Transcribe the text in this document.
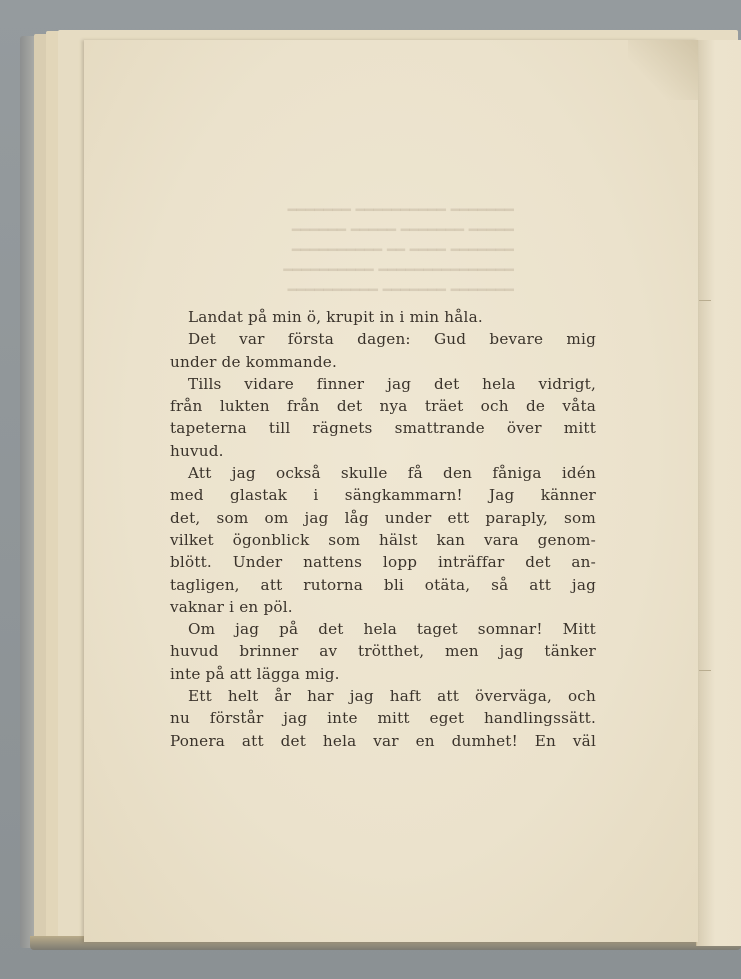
━━━━━━━ ━━━━━━━━━━ ━━━━━━━
━━━━━ ━━━━━━━ ━━━━━ ━━━━━━
━━━━━━━ ━━━━ ━━ ━━━━━━━━━━
━━━━━━━━━━━━━━━ ━━━━━━━━━━
━━━━━━━ ━━━━━━━ ━━━━━━━━━━
Landat på min ö, krupit in i min håla.
Det var första dagen: Gud bevare mig
under de kommande.
Tills vidare finner jag det hela vidrigt,
från lukten från det nya träet och de våta
tapeterna till rägnets smattrande över mitt
huvud.
Att jag också skulle få den fåniga idén
med glastak i sängkammarn! Jag känner
det, som om jag låg under ett paraply, som
vilket ögonblick som hälst kan vara genom-
blött. Under nattens lopp inträffar det an-
tagligen, att rutorna bli otäta, så att jag
vaknar i en pöl.
Om jag på det hela taget somnar! Mitt
huvud brinner av trötthet, men jag tänker
inte på att lägga mig.
Ett helt år har jag haft att överväga, och
nu förstår jag inte mitt eget handlingssätt.
Ponera att det hela var en dumhet! En väl
